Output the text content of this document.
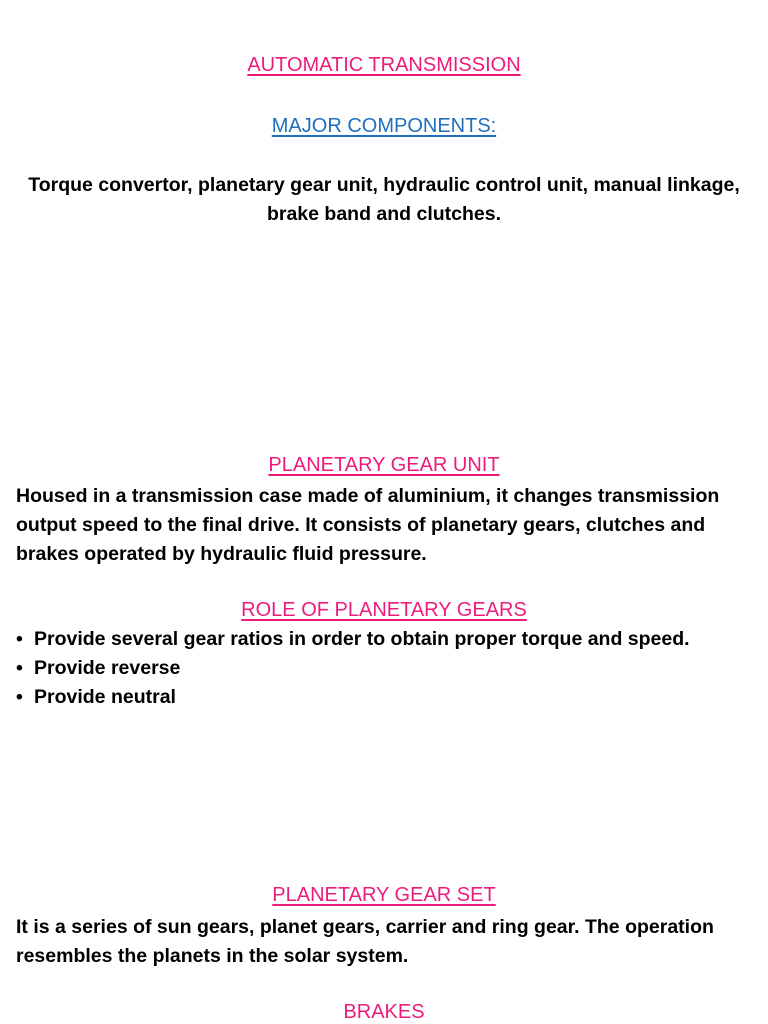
AUTOMATIC TRANSMISSION
MAJOR COMPONENTS:
Torque convertor, planetary gear unit, hydraulic control unit, manual linkage, brake band and clutches.
PLANETARY GEAR UNIT
Housed in a transmission case made of aluminium, it changes transmission output speed to the final drive. It consists of planetary gears, clutches and brakes operated by hydraulic fluid pressure.
ROLE OF PLANETARY GEARS
• Provide several gear ratios in order to obtain proper torque and speed.
• Provide reverse
• Provide neutral
PLANETARY GEAR SET
It is a series of sun gears, planet gears, carrier and ring gear. The operation resembles the planets in the solar system.
BRAKES
